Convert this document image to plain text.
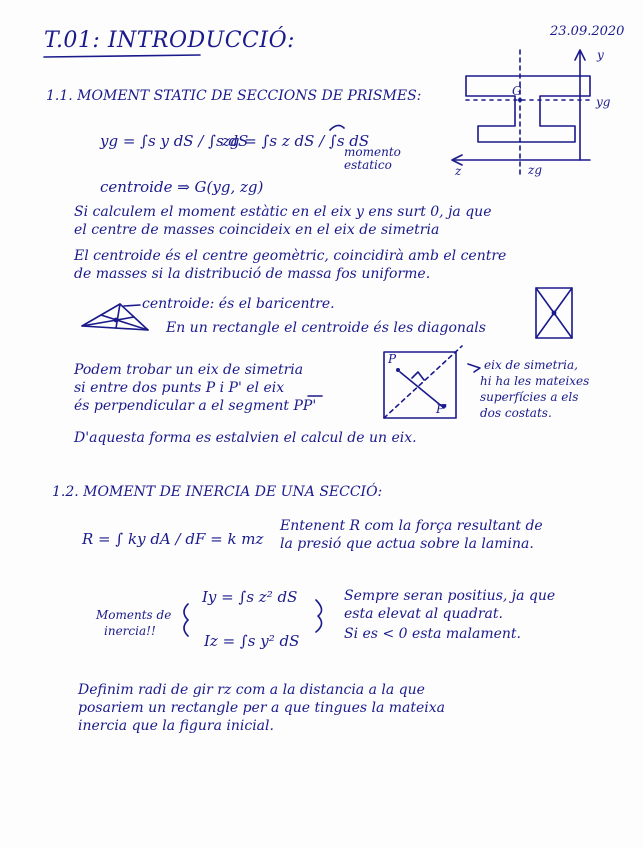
T.01: INTRODUCCIÓ:	23.09.2020
1.1. MOMENT STATIC DE SECCIONS DE PRISMES:
yg = ∫s y dS / ∫s dS
zg = ∫s z dS / ∫s dS
momento estatico
centroide ⇒ G(yg, zg)
y
yg
z	zg
G
Si calculem el moment estàtic en el eix y ens surt 0, ja que
el centre de masses coincideix en el eix de simetria
El centroide és el centre geomètric, coincidirà amb el centre
de masses si la distribució de massa fos uniforme.
centroide: és el baricentre.
En un rectangle el centroide és les diagonals
Podem trobar un eix de simetria
si entre dos punts P i P' el eix
és perpendicular a el segment PP'
P
P'
eix de simetria,
hi ha les mateixes
superfícies a els
dos costats.
D'aquesta forma es estalvien el calcul de un eix.
1.2. MOMENT DE INERCIA DE UNA SECCIÓ:
R = ∫ ky dA / dF = k mz
Entenent R com la força resultant de
la presió que actua sobre la lamina.
Moments de
inercia!!
Iy = ∫s z² dS
Iz = ∫s y² dS
Sempre seran positius, ja que
esta elevat al quadrat.
Si es < 0 esta malament.
Definim radi de gir rz com a la distancia a la que
posariem un rectangle per a que tingues la mateixa
inercia que la figura inicial.
